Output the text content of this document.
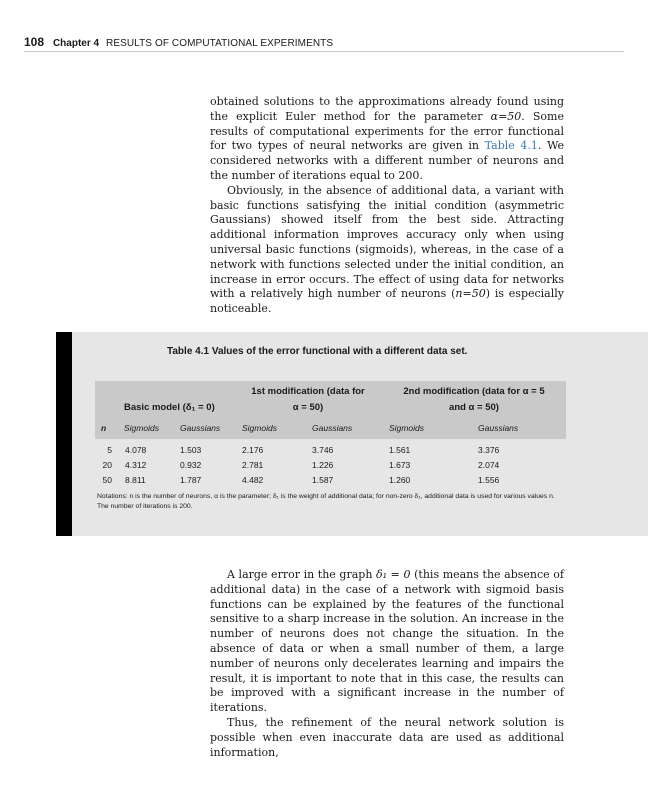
108 Chapter 4 RESULTS OF COMPUTATIONAL EXPERIMENTS

obtained solutions to the approximations already found using the explicit Euler method for the parameter α=50. Some results of computational experiments for the error functional for two types of neural networks are given in Table 4.1. We considered networks with a different number of neurons and the number of iterations equal to 200.

Obviously, in the absence of additional data, a variant with basic functions satisfying the initial condition (asymmetric Gaussians) showed itself from the best side. Attracting additional information improves accuracy only when using universal basic functions (sigmoids), whereas, in the case of a network with functions selected under the initial condition, an increase in error occurs. The effect of using data for networks with a relatively high number of neurons (n=50) is especially noticeable.

Table 4.1 Values of the error functional with a different data set.
Basic model (δ₁ = 0)
1st modification (data for
α = 50)
2nd modification (data for α = 5
and α = 50)
n Sigmoids Gaussians	Sigmoids	Gaussians	Sigmoids	Gaussians
5 4.078	1.503	2.176	3.746	1.561	3.376
20 4.312	0.932	2.781	1.226	1.673	2.074
50 8.811	1.787	4.482	1.587	1.260	1.556
Notations: n is the number of neurons, α is the parameter; δ₁ is the weight of additional data; for non-zero δ₁, additional data is used for various values n. The number of iterations is 200.

A large error in the graph δ₁ = 0 (this means the absence of additional data) in the case of a network with sigmoid basis functions can be explained by the features of the functional sensitive to a sharp increase in the solution. An increase in the number of neurons does not change the situation. In the absence of data or when a small number of them, a large number of neurons only decelerates learning and impairs the result, it is important to note that in this case, the results can be improved with a significant increase in the number of iterations.

Thus, the refinement of the neural network solution is possible when even inaccurate data are used as additional information,
